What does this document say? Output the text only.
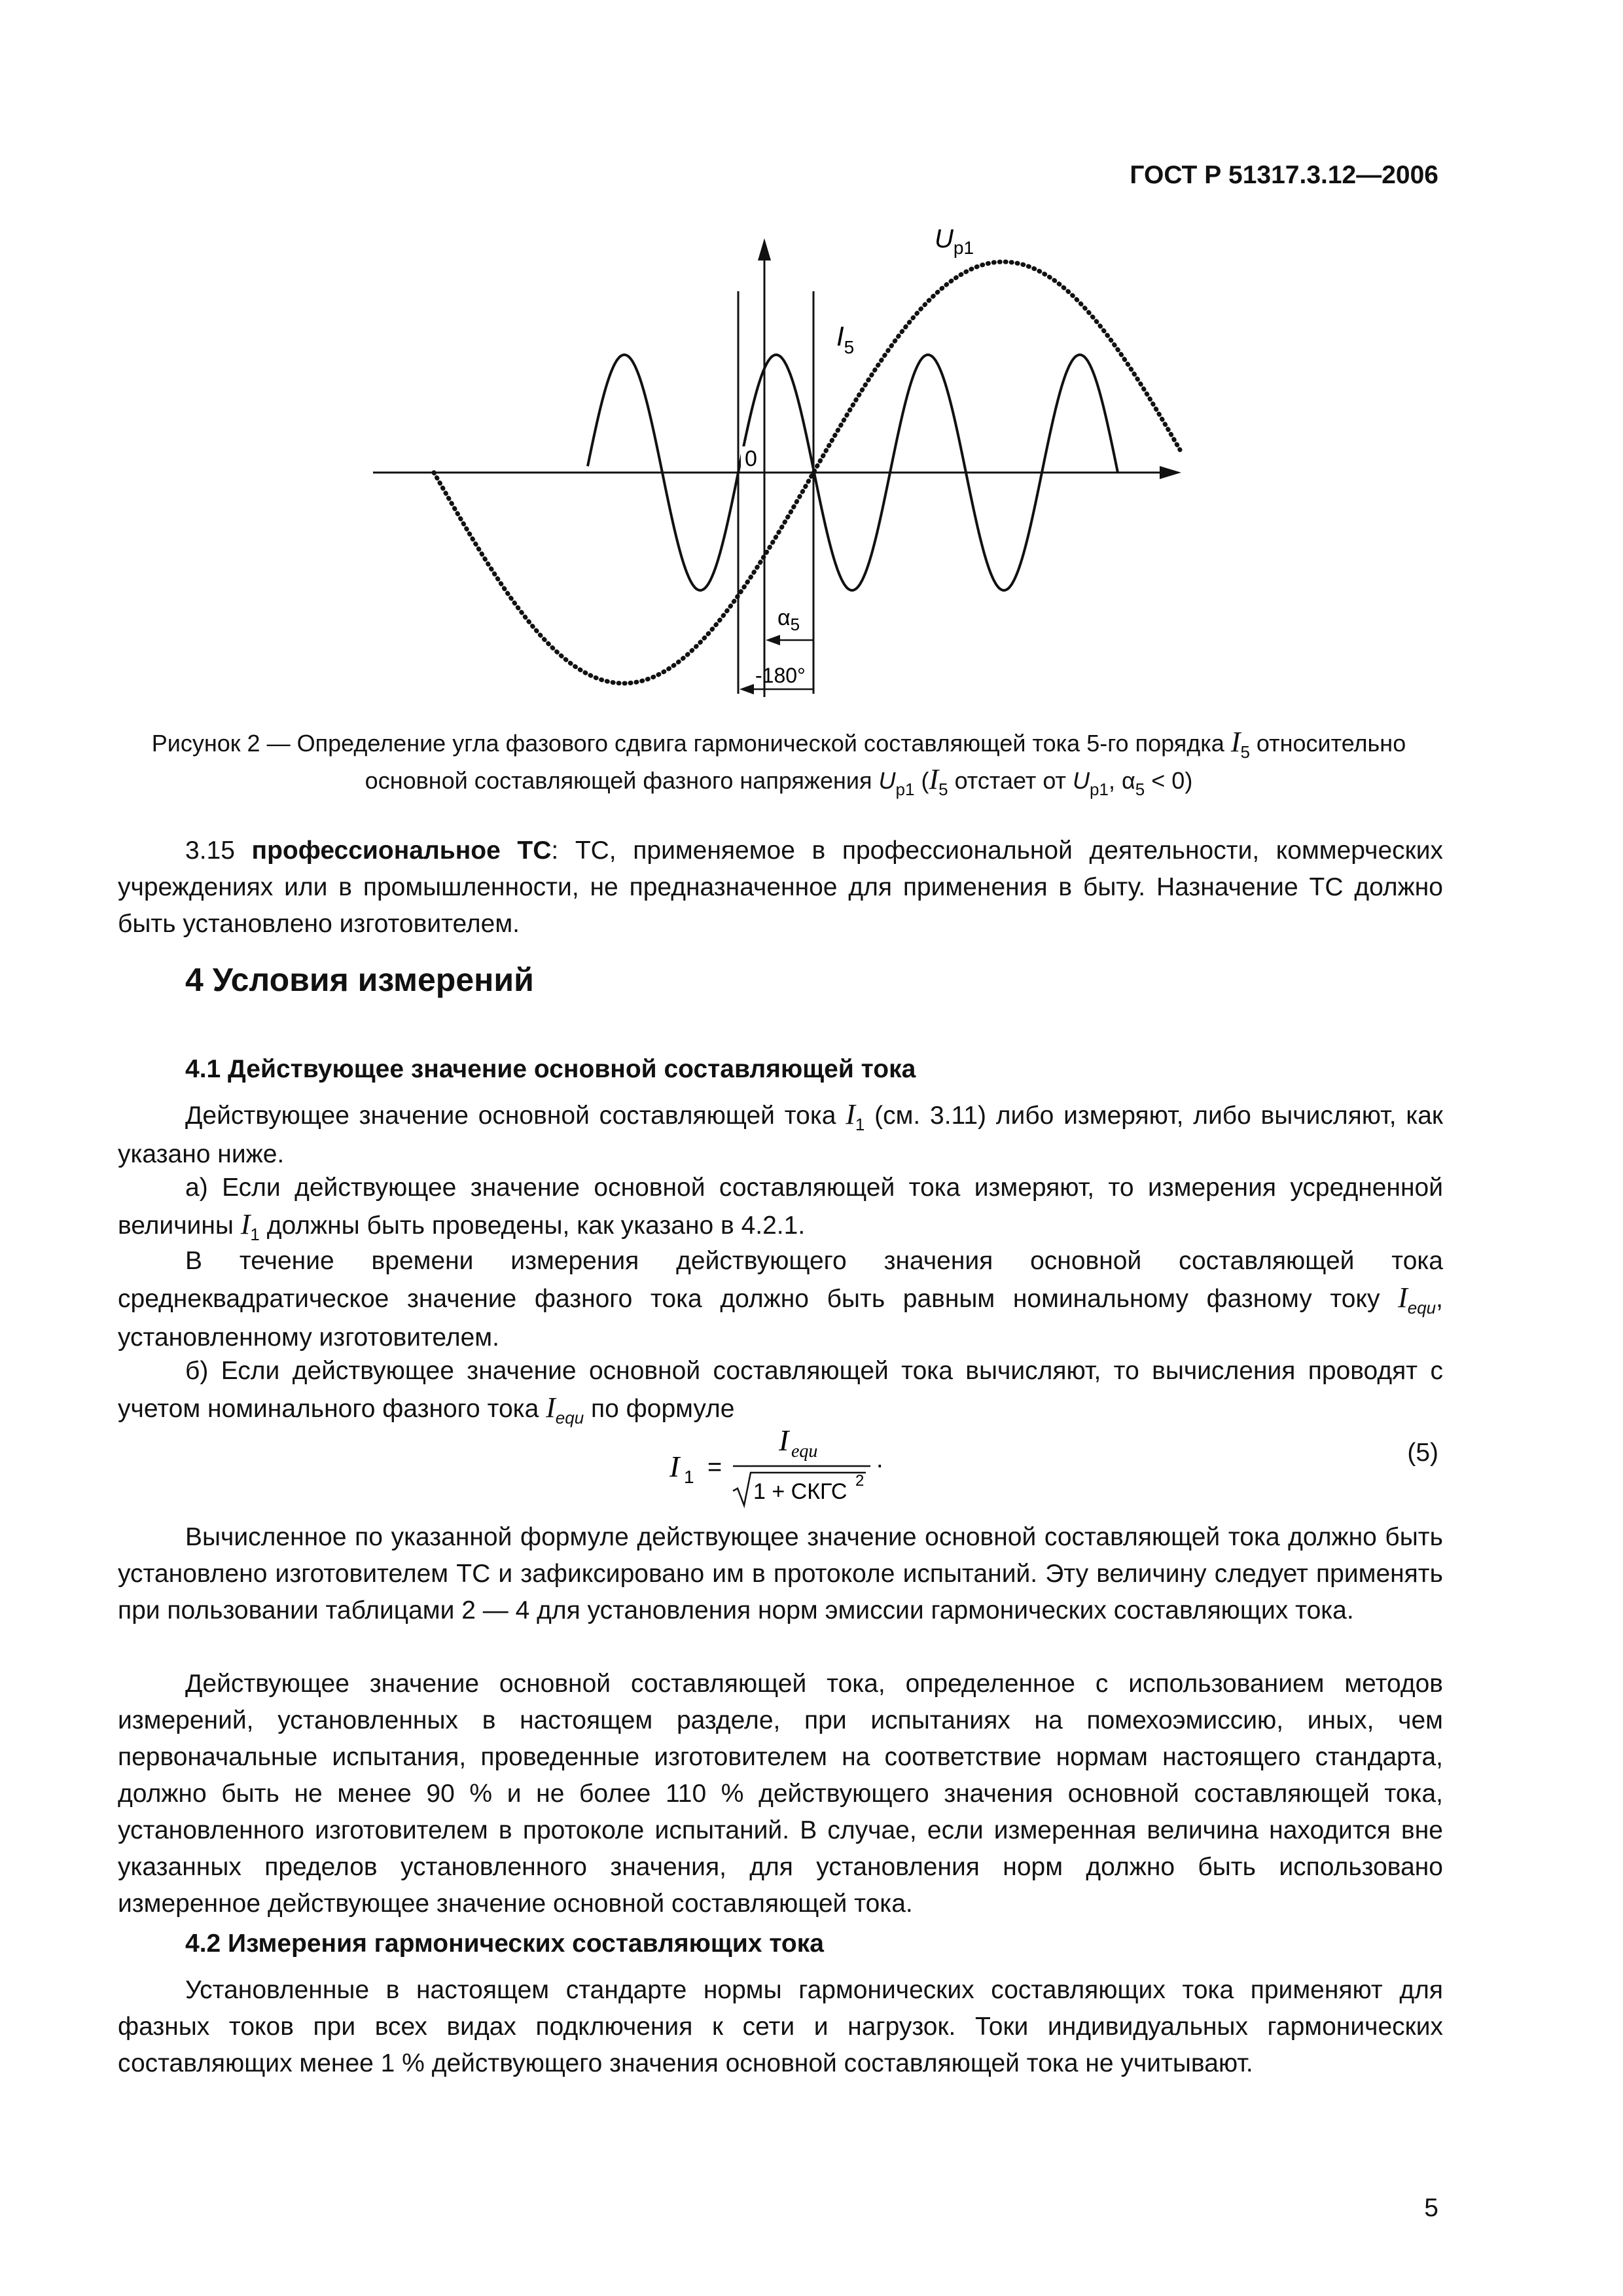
ГОСТ Р 51317.3.12—2006
$U_{p1}$
$I_5$
0
$\alpha_5$
-180°
Рисунок 2 — Определение угла фазового сдвига гармонической составляющей тока 5-го порядка $I_5$ относительно
основной составляющей фазного напряжения $U_{p1}$ ($I_5$ отстает от $U_{p1}$, $\alpha_5 < 0$)
3.15 профессиональное ТС: ТС, применяемое в профессиональной деятельности, коммерческих учреждениях или в промышленности, не предназначенное для применения в быту. Назначение ТС должно быть установлено изготовителем.
4 Условия измерений
4.1 Действующее значение основной составляющей тока
Действующее значение основной составляющей тока $I_1$ (см. 3.11) либо измеряют, либо вычисляют, как указано ниже.
а) Если действующее значение основной составляющей тока измеряют, то измерения усредненной величины $I_1$ должны быть проведены, как указано в 4.2.1.
В течение времени измерения действующего значения основной составляющей тока среднеквадратическое значение фазного тока должно быть равным номинальному фазному току $I_{equ}$, установленному изготовителем.
б) Если действующее значение основной составляющей тока вычисляют, то вычисления проводят с учетом номинального фазного тока $I_{equ}$ по формуле
I 1 =
I equ
1 + СКГС 2
.	(5)
Вычисленное по указанной формуле действующее значение основной составляющей тока должно быть установлено изготовителем ТС и зафиксировано им в протоколе испытаний. Эту величину следует применять при пользовании таблицами 2 — 4 для установления норм эмиссии гармонических составляющих тока.
Действующее значение основной составляющей тока, определенное с использованием методов измерений, установленных в настоящем разделе, при испытаниях на помехоэмиссию, иных, чем первоначальные испытания, проведенные изготовителем на соответствие нормам настоящего стандарта, должно быть не менее 90 % и не более 110 % действующего значения основной составляющей тока, установленного изготовителем в протоколе испытаний. В случае, если измеренная величина находится вне указанных пределов установленного значения, для установления норм должно быть использовано измеренное действующее значение основной составляющей тока.
4.2 Измерения гармонических составляющих тока
Установленные в настоящем стандарте нормы гармонических составляющих тока применяют для фазных токов при всех видах подключения к сети и нагрузок. Токи индивидуальных гармонических составляющих менее 1 % действующего значения основной составляющей тока не учитывают.
5
